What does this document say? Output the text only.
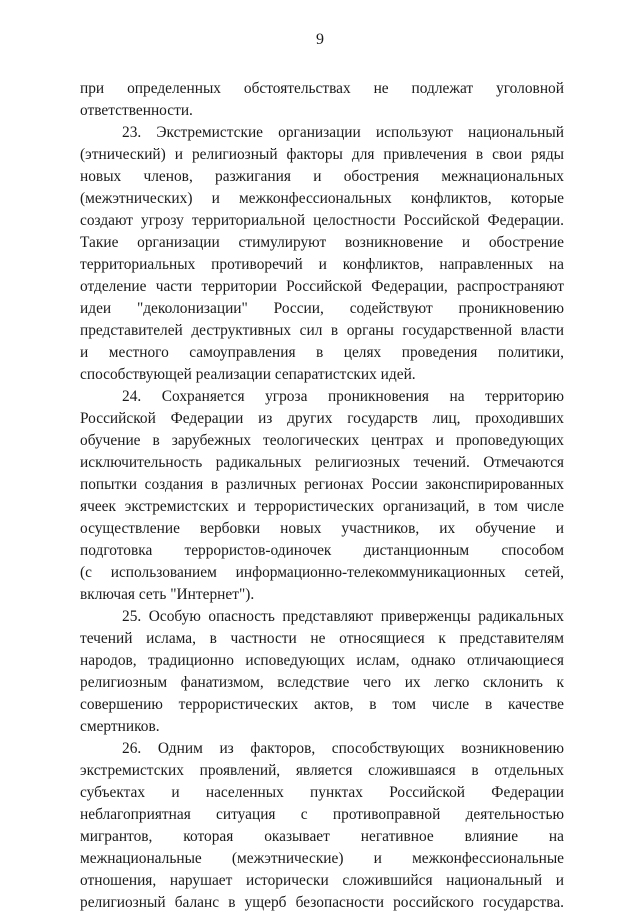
9
при определенных обстоятельствах не подлежат уголовной
ответственности.
23. Экстремистские организации используют национальный
(этнический) и религиозный факторы для привлечения в свои ряды
новых членов, разжигания и обострения межнациональных
(межэтнических) и межконфессиональных конфликтов, которые
создают угрозу территориальной целостности Российской Федерации.
Такие организации стимулируют возникновение и обострение
территориальных противоречий и конфликтов, направленных на
отделение части территории Российской Федерации, распространяют
идеи "деколонизации" России, содействуют проникновению
представителей деструктивных сил в органы государственной власти
и местного самоуправления в целях проведения политики,
способствующей реализации сепаратистских идей.
24. Сохраняется угроза проникновения на территорию
Российской Федерации из других государств лиц, проходивших
обучение в зарубежных теологических центрах и проповедующих
исключительность радикальных религиозных течений. Отмечаются
попытки создания в различных регионах России законспирированных
ячеек экстремистских и террористических организаций, в том числе
осуществление вербовки новых участников, их обучение и
подготовка террористов-одиночек дистанционным способом
(с использованием информационно-телекоммуникационных сетей,
включая сеть "Интернет").
25. Особую опасность представляют приверженцы радикальных
течений ислама, в частности не относящиеся к представителям
народов, традиционно исповедующих ислам, однако отличающиеся
религиозным фанатизмом, вследствие чего их легко склонить к
совершению террористических актов, в том числе в качестве
смертников.
26. Одним из факторов, способствующих возникновению
экстремистских проявлений, является сложившаяся в отдельных
субъектах и населенных пунктах Российской Федерации
неблагоприятная ситуация с противоправной деятельностью
мигрантов, которая оказывает негативное влияние на
межнациональные (межэтнические) и межконфессиональные
отношения, нарушает исторически сложившийся национальный и
религиозный баланс в ущерб безопасности российского государства.
